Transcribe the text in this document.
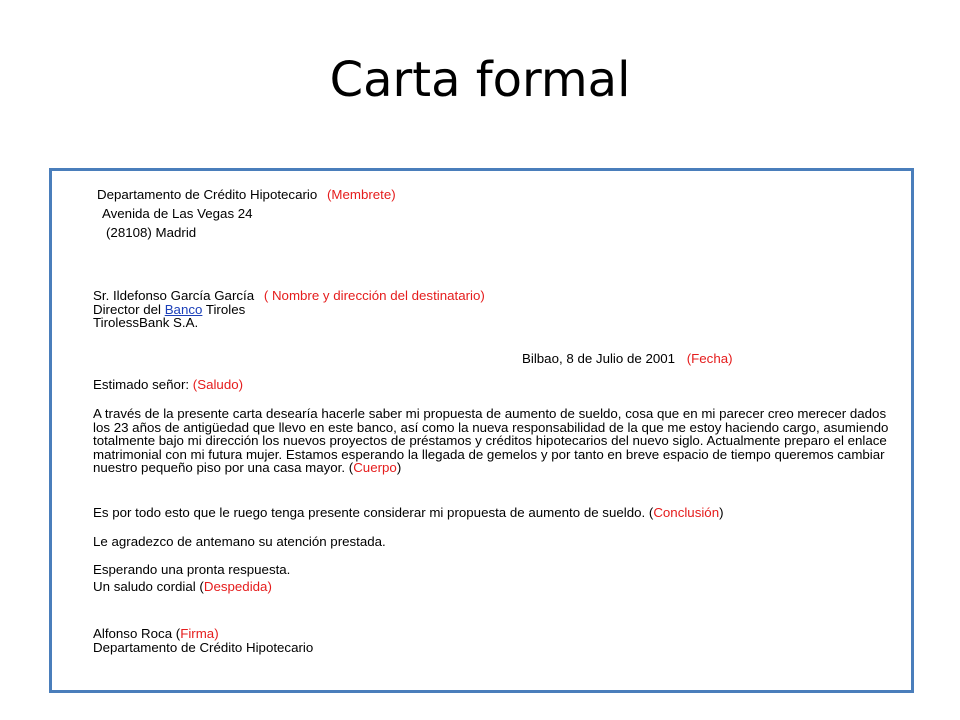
Carta formal
Departamento de Crédito Hipotecario (Membrete)
Avenida de Las Vegas 24
(28108) Madrid
Sr. Ildefonso García García ( Nombre y dirección del destinatario)
Director del Banco Tiroles
TirolessBank S.A.
Bilbao, 8 de Julio de 2001 (Fecha)
Estimado señor: (Saludo)
A través de la presente carta desearía hacerle saber mi propuesta de aumento de sueldo, cosa que en mi parecer creo merecer dados los 23 años de antigüedad que llevo en este banco, así como la nueva responsabilidad de la que me estoy haciendo cargo, asumiendo totalmente bajo mi dirección los nuevos proyectos de préstamos y créditos hipotecarios del nuevo siglo. Actualmente preparo el enlace matrimonial con mi futura mujer. Estamos esperando la llegada de gemelos y por tanto en breve espacio de tiempo queremos cambiar nuestro pequeño piso por una casa mayor. (Cuerpo)
Es por todo esto que le ruego tenga presente considerar mi propuesta de aumento de sueldo. (Conclusión)
Le agradezco de antemano su atención prestada.
Esperando una pronta respuesta.
Un saludo cordial (Despedida)
Alfonso Roca (Firma)
Departamento de Crédito Hipotecario
